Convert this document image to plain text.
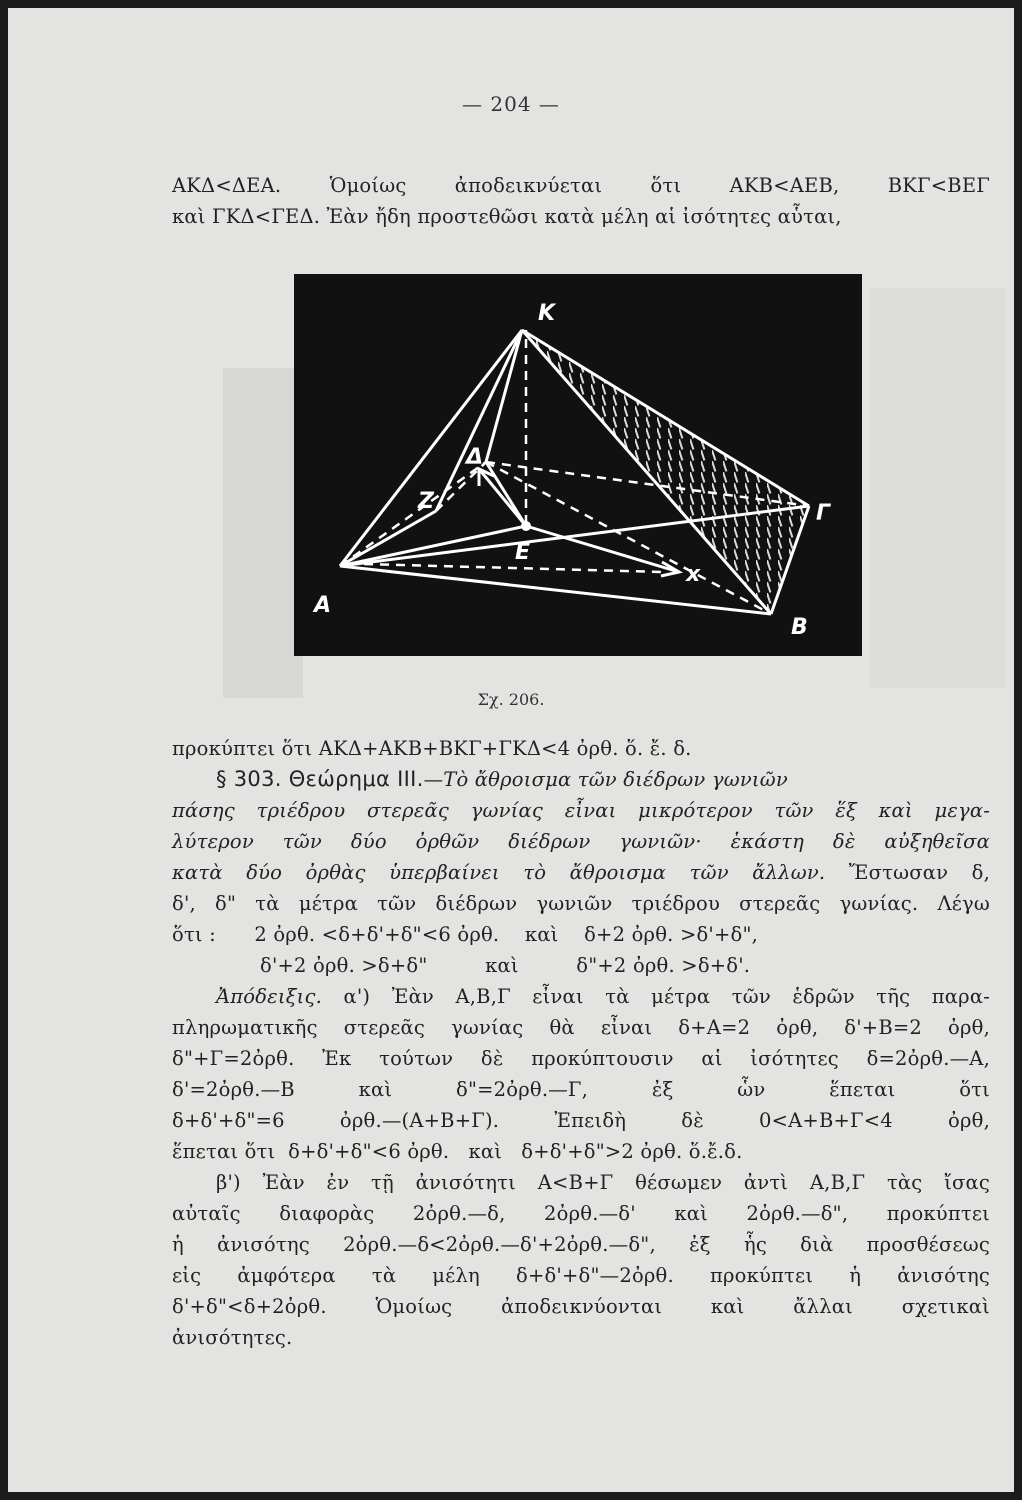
— 204 —
ΑΚΔ<ΔΕΑ. Ὁμοίως ἀποδεικνύεται ὅτι ΑΚΒ<ΑΕΒ, ΒΚΓ<ΒΕΓ
καὶ ΓΚΔ<ΓΕΔ. Ἐὰν ἤδη προστεθῶσι κατὰ μέλη αἱ ἰσότητες αὗται,
K
A
B
Γ
Δ
E
Z
x
Σχ. 206.
προκύπτει ὅτι ΑΚΔ+ΑΚΒ+ΒΚΓ+ΓΚΔ<4 ὀρθ. ὅ. ἔ. δ.
§ 303. Θεώρημα III.—Τὸ ἄθροισμα τῶν διέδρων γωνιῶν
πάσης τριέδρου στερεᾶς γωνίας εἶναι μικρότερον τῶν ἕξ καὶ μεγα-
λύτερον τῶν δύο ὀρθῶν διέδρων γωνιῶν· ἑκάστη δὲ αὐξηθεῖσα
κατὰ δύο ὀρθὰς ὑπερβαίνει τὸ ἄθροισμα τῶν ἄλλων. Ἔστωσαν δ,
δ', δ" τὰ μέτρα τῶν διέδρων γωνιῶν τριέδρου στερεᾶς γωνίας. Λέγω
ὅτι :      2 ὀρθ. <δ+δ'+δ"<6 ὀρθ.    καὶ    δ+2 ὀρθ. >δ'+δ",
δ'+2 ὀρθ. >δ+δ"         καὶ         δ"+2 ὀρθ. >δ+δ'.
Ἀπόδειξις. α') Ἐὰν Α,Β,Γ εἶναι τὰ μέτρα τῶν ἑδρῶν τῆς παρα-
πληρωματικῆς στερεᾶς γωνίας θὰ εἶναι δ+Α=2 ὀρθ, δ'+Β=2 ὀρθ,
δ"+Γ=2ὀρθ. Ἐκ τούτων δὲ προκύπτουσιν αἱ ἰσότητες δ=2ὀρθ.—Α,
δ'=2ὀρθ.—Β    καὶ    δ"=2ὀρθ.—Γ,    ἐξ    ὧν    ἕπεται    ὅτι
δ+δ'+δ"=6 ὀρθ.—(Α+Β+Γ). Ἐπειδὴ δὲ 0<Α+Β+Γ<4 ὀρθ,
ἕπεται ὅτι  δ+δ'+δ"<6 ὀρθ.   καὶ   δ+δ'+δ">2 ὀρθ. ὅ.ἔ.δ.
β') Ἐὰν ἐν τῇ ἀνισότητι Α<Β+Γ θέσωμεν ἀντὶ Α,Β,Γ τὰς ἴσας
αὐταῖς διαφορὰς 2ὀρθ.—δ, 2ὀρθ.—δ' καὶ 2ὀρθ.—δ", προκύπτει
ἡ ἀνισότης 2ὀρθ.—δ<2ὀρθ.—δ'+2ὀρθ.—δ", ἐξ ἧς διὰ προσθέσεως
εἰς ἀμφότερα τὰ μέλη δ+δ'+δ"—2ὀρθ. προκύπτει ἡ ἀνισότης
δ'+δ"<δ+2ὀρθ. Ὁμοίως ἀποδεικνύονται καὶ ἄλλαι σχετικαὶ
ἀνισότητες.
